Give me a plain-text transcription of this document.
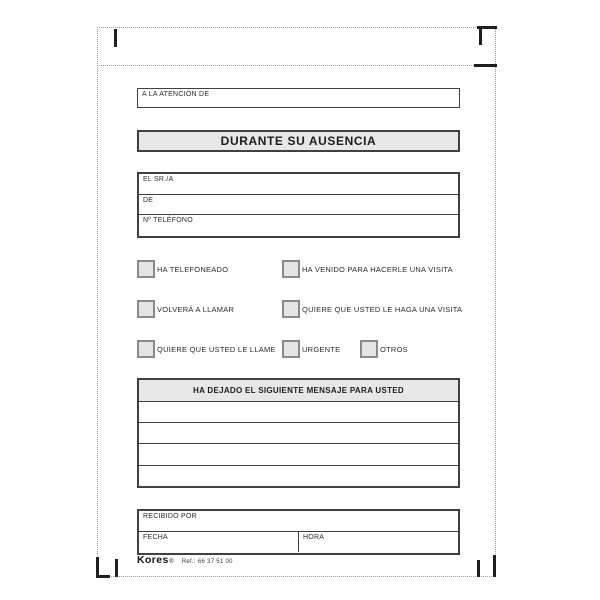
A LA ATENCIÓN DE
DURANTE SU AUSENCIA
EL SR./A
DE
Nº TELÉFONO
HA TELEFONEADO	HA VENIDO PARA HACERLE UNA VISITA
VOLVERÁ A LLAMAR	QUIERE QUE USTED LE HAGA UNA VISITA
QUIERE QUE USTED LE LLAME	URGENTE	OTROS
HA DEJADO EL SIGUIENTE MENSAJE PARA USTED
RECIBIDO POR
FECHA	HORA
Kores ® Ref.: 66 37 51 00
